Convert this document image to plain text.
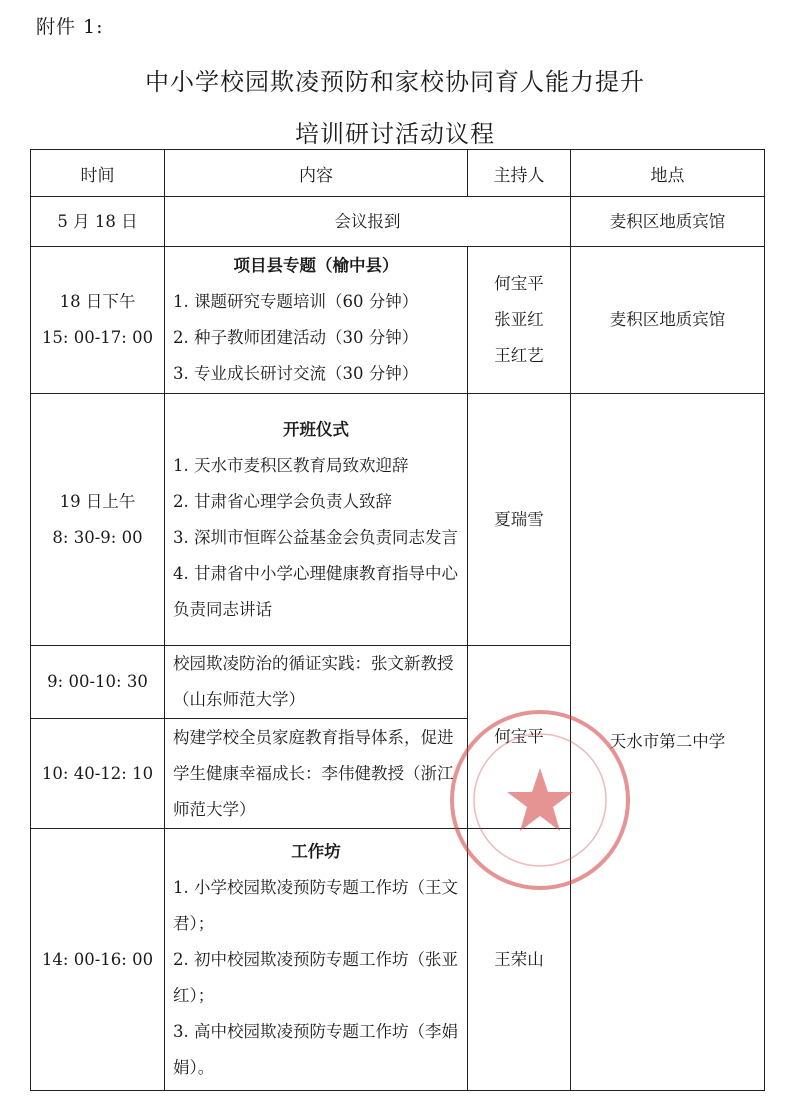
附件 1:
中小学校园欺凌预防和家校协同育人能力提升
培训研讨活动议程
时间	内容	主持人	地点
5 月 18 日	会议报到		麦积区地质宾馆

18 日下午
15: 00-17: 00	项目县专题（榆中县）
1. 课题研究专题培训（60 分钟）
2. 种子教师团建活动（30 分钟）
3. 专业成长研讨交流（30 分钟）	何宝平
张亚红
王红艺	麦积区地质宾馆

19 日上午
8: 30-9: 00	开班仪式
1. 天水市麦积区教育局致欢迎辞
2. 甘肃省心理学会负责人致辞
3. 深圳市恒晖公益基金会负责同志发言
4. 甘肃省中小学心理健康教育指导中心负责同志讲话	夏瑞雪	天水市第二中学
9: 00-10: 30	校园欺凌防治的循证实践：张文新教授（山东师范大学）	何宝平	
10: 40-12: 10	构建学校全员家庭教育指导体系，促进学生健康幸福成长：李伟健教授（浙江师范大学）		
14: 00-16: 00	工作坊
1. 小学校园欺凌预防专题工作坊（王文君）；
2. 初中校园欺凌预防专题工作坊（张亚红）；
3. 高中校园欺凌预防专题工作坊（李娟娟）。	王荣山	
